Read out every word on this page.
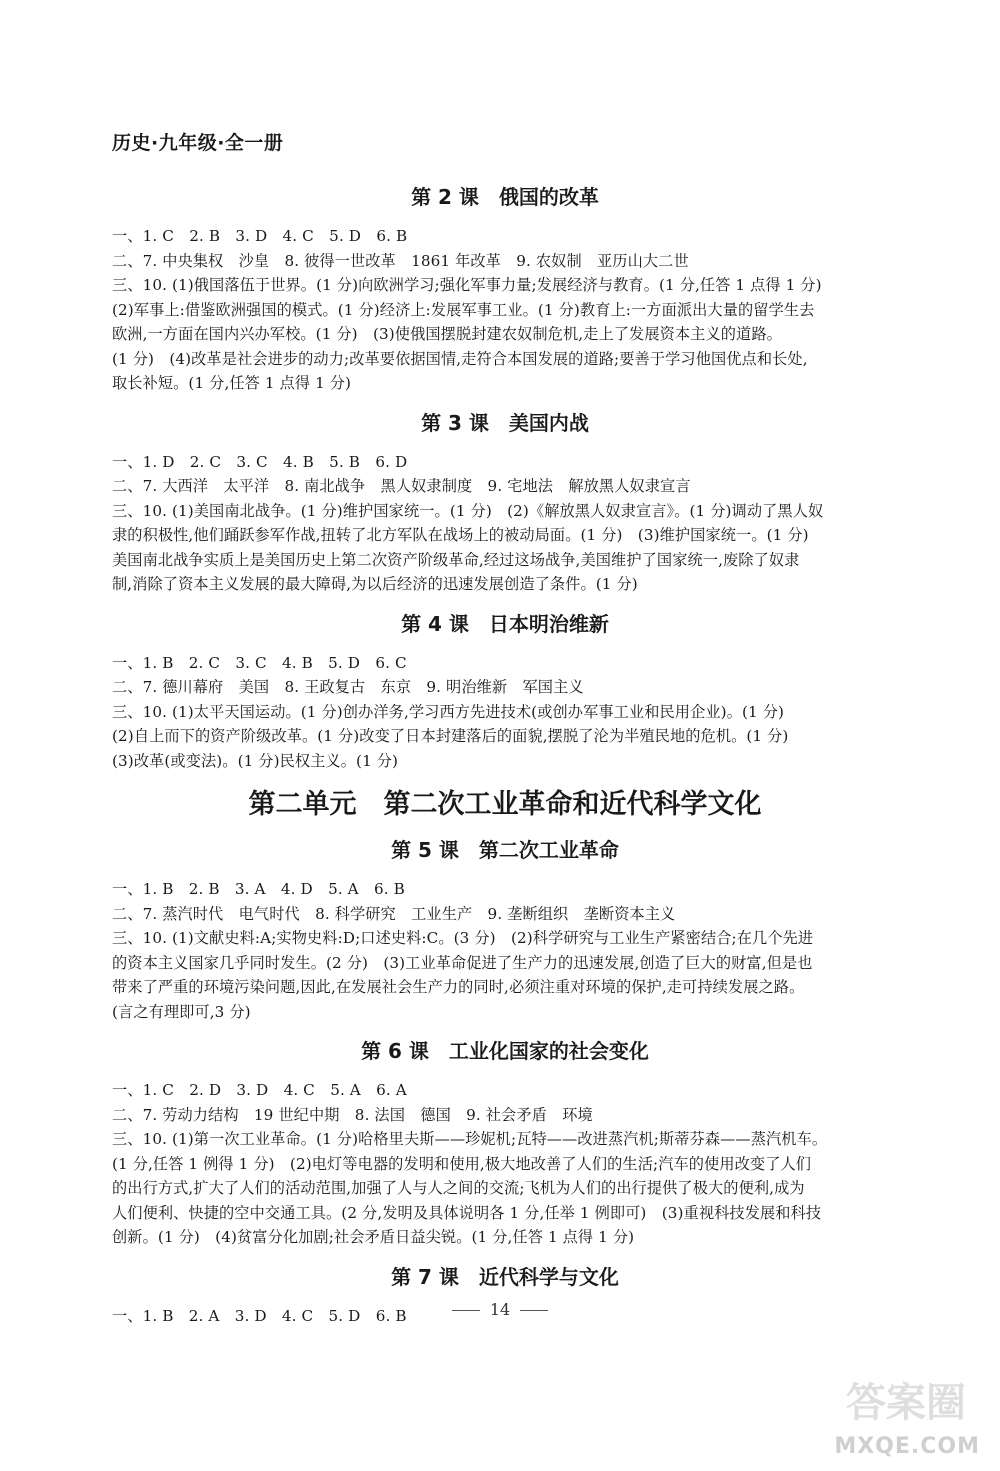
历史·九年级·全一册
第 2 课　俄国的改革
一、1. C　2. B　3. D　4. C　5. D　6. B
二、7. 中央集权　沙皇　8. 彼得一世改革　1861 年改革　9. 农奴制　亚历山大二世
三、10. (1)俄国落伍于世界。(1 分)向欧洲学习;强化军事力量;发展经济与教育。(1 分,任答 1 点得 1 分)
(2)军事上:借鉴欧洲强国的模式。(1 分)经济上:发展军事工业。(1 分)教育上:一方面派出大量的留学生去
欧洲,一方面在国内兴办军校。(1 分)　(3)使俄国摆脱封建农奴制危机,走上了发展资本主义的道路。
(1 分)　(4)改革是社会进步的动力;改革要依据国情,走符合本国发展的道路;要善于学习他国优点和长处,
取长补短。(1 分,任答 1 点得 1 分)
第 3 课　美国内战
一、1. D　2. C　3. C　4. B　5. B　6. D
二、7. 大西洋　太平洋　8. 南北战争　黑人奴隶制度　9. 宅地法　解放黑人奴隶宣言
三、10. (1)美国南北战争。(1 分)维护国家统一。(1 分)　(2)《解放黑人奴隶宣言》。(1 分)调动了黑人奴
隶的积极性,他们踊跃参军作战,扭转了北方军队在战场上的被动局面。(1 分)　(3)维护国家统一。(1 分)
美国南北战争实质上是美国历史上第二次资产阶级革命,经过这场战争,美国维护了国家统一,废除了奴隶
制,消除了资本主义发展的最大障碍,为以后经济的迅速发展创造了条件。(1 分)
第 4 课　日本明治维新
一、1. B　2. C　3. C　4. B　5. D　6. C
二、7. 德川幕府　美国　8. 王政复古　东京　9. 明治维新　军国主义
三、10. (1)太平天国运动。(1 分)创办洋务,学习西方先进技术(或创办军事工业和民用企业)。(1 分)
(2)自上而下的资产阶级改革。(1 分)改变了日本封建落后的面貌,摆脱了沦为半殖民地的危机。(1 分)
(3)改革(或变法)。(1 分)民权主义。(1 分)
第二单元　第二次工业革命和近代科学文化
第 5 课　第二次工业革命
一、1. B　2. B　3. A　4. D　5. A　6. B
二、7. 蒸汽时代　电气时代　8. 科学研究　工业生产　9. 垄断组织　垄断资本主义
三、10. (1)文献史料:A;实物史料:D;口述史料:C。(3 分)　(2)科学研究与工业生产紧密结合;在几个先进
的资本主义国家几乎同时发生。(2 分)　(3)工业革命促进了生产力的迅速发展,创造了巨大的财富,但是也
带来了严重的环境污染问题,因此,在发展社会生产力的同时,必须注重对环境的保护,走可持续发展之路。
(言之有理即可,3 分)
第 6 课　工业化国家的社会变化
一、1. C　2. D　3. D　4. C　5. A　6. A
二、7. 劳动力结构　19 世纪中期　8. 法国　德国　9. 社会矛盾　环境
三、10. (1)第一次工业革命。(1 分)哈格里夫斯——珍妮机;瓦特——改进蒸汽机;斯蒂芬森——蒸汽机车。
(1 分,任答 1 例得 1 分)　(2)电灯等电器的发明和使用,极大地改善了人们的生活;汽车的使用改变了人们
的出行方式,扩大了人们的活动范围,加强了人与人之间的交流;飞机为人们的出行提供了极大的便利,成为
人们便利、快捷的空中交通工具。(2 分,发明及具体说明各 1 分,任举 1 例即可)　(3)重视科技发展和科技
创新。(1 分)　(4)贫富分化加剧;社会矛盾日益尖锐。(1 分,任答 1 点得 1 分)
第 7 课　近代科学与文化
一、1. B　2. A　3. D　4. C　5. D　6. B	14
答案圈
MXQE.COM
